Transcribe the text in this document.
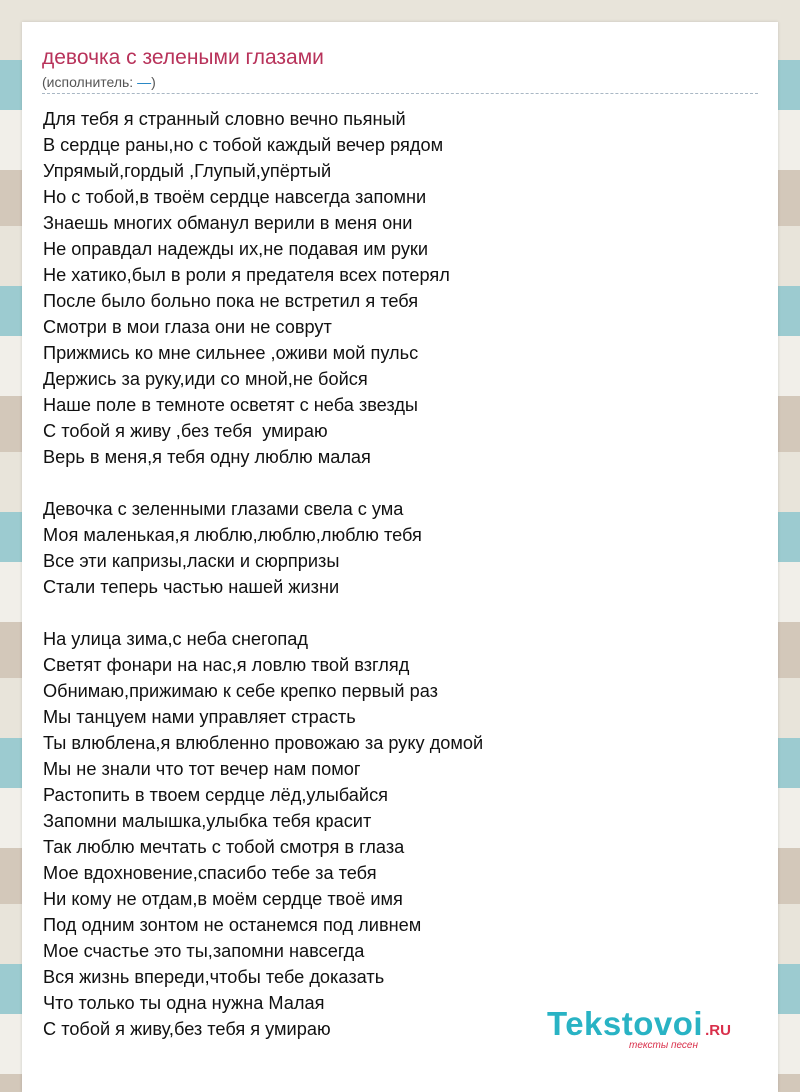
девочка с зелеными глазами
(исполнитель: —)
Для тебя я странный словно вечно пьяный
В сердце раны,но с тобой каждый вечер рядом
Упрямый,гордый ,Глупый,упёртый
Но с тобой,в твоём сердце навсегда запомни
Знаешь многих обманул верили в меня они
Не оправдал надежды их,не подавая им руки
Не хатико,был в роли я предателя всех потерял
После было больно пока не встретил я тебя
Смотри в мои глаза они не соврут
Прижмись ко мне сильнее ,оживи мой пульс
Держись за руку,иди со мной,не бойся
Наше поле в темноте осветят с неба звезды
С тобой я живу ,без тебя  умираю
Верь в меня,я тебя одну люблю малая
Девочка с зеленными глазами свела с ума
Моя маленькая,я люблю,люблю,люблю тебя
Все эти капризы,ласки и сюрпризы
Стали теперь частью нашей жизни
На улица зима,с неба снегопад
Светят фонари на нас,я ловлю твой взгляд
Обнимаю,прижимаю к себе крепко первый раз
Мы танцуем нами управляет страсть
Ты влюблена,я влюбленно провожаю за руку домой
Мы не знали что тот вечер нам помог
Растопить в твоем сердце лёд,улыбайся
Запомни малышка,улыбка тебя красит
Так люблю мечтать с тобой смотря в глаза
Мое вдохновение,спасибо тебе за тебя
Ни кому не отдам,в моём сердце твоё имя
Под одним зонтом не останемся под ливнем
Мое счастье это ты,запомни навсегда
Вся жизнь впереди,чтобы тебе доказать
Что только ты одна нужна Малая
С тобой я живу,без тебя я умираю	Tekstovoi .RU
тексты песен
